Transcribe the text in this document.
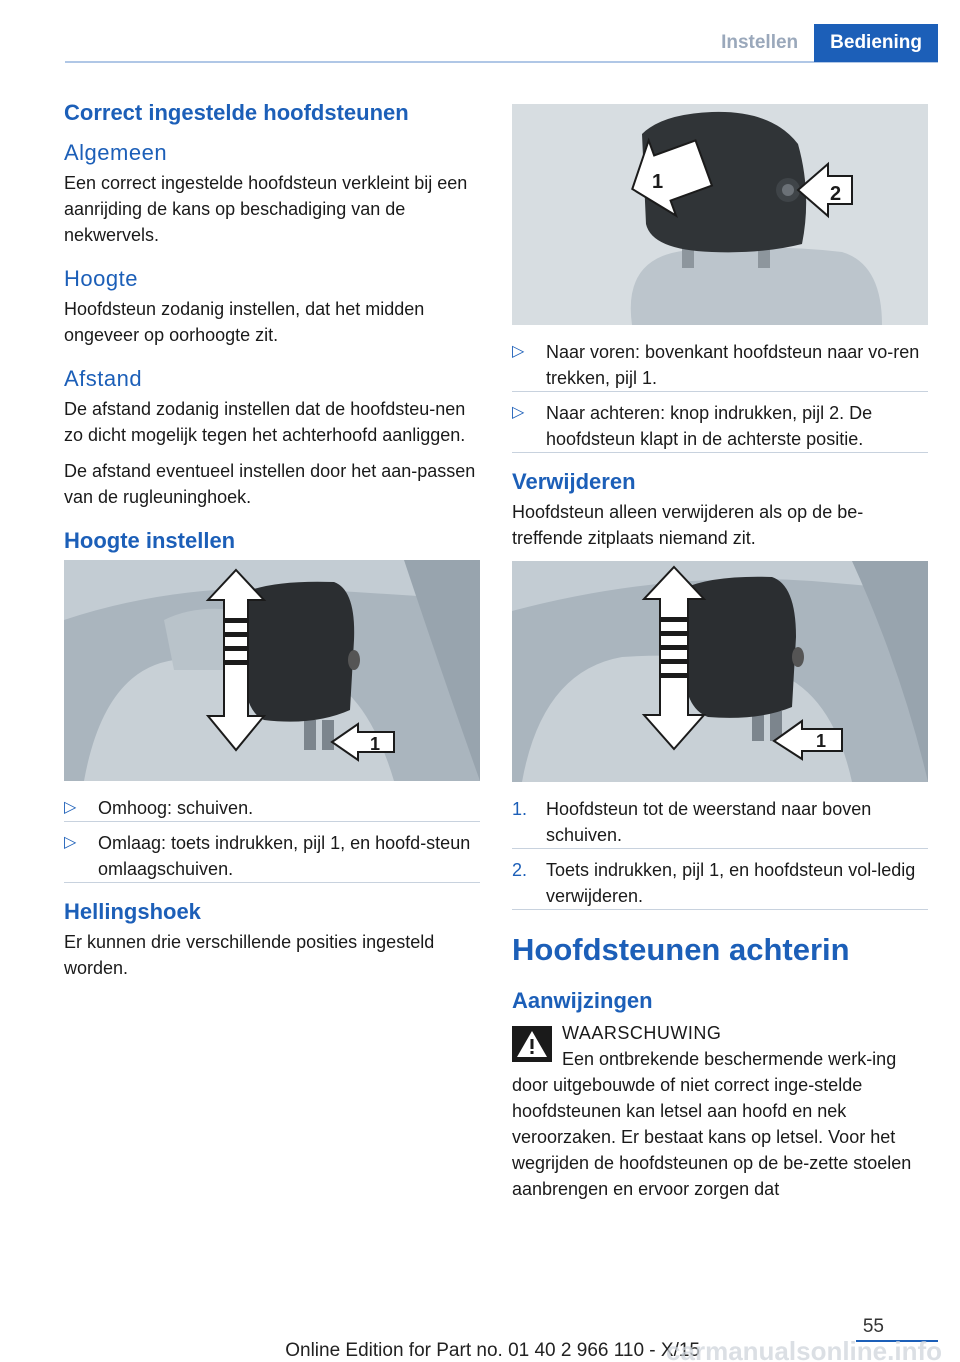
Instellen	Bediening
Correct ingestelde hoofdsteunen
Algemeen

Een correct ingestelde hoofdsteun verkleint bij een aanrijding de kans op beschadiging van de nekwervels.

Hoogte

Hoofdsteun zodanig instellen, dat het midden ongeveer op oorhoogte zit.

Afstand

De afstand zodanig instellen dat de hoofdsteu-nen zo dicht mogelijk tegen het achterhoofd aanliggen.

De afstand eventueel instellen door het aan-passen van de rugleuninghoek.

Hoogte instellen
1
▷ Omhoog: schuiven.
▷ Omlaag: toets indrukken, pijl 1, en hoofd-steun omlaagschuiven.
Hellingshoek

Er kunnen drie verschillende posities ingesteld worden.

1
2
▷ Naar voren: bovenkant hoofdsteun naar vo-ren trekken, pijl 1.
▷ Naar achteren: knop indrukken, pijl 2. De hoofdsteun klapt in de achterste positie.
Verwijderen

Hoofdsteun alleen verwijderen als op de be-treffende zitplaats niemand zit.

1
1. Hoofdsteun tot de weerstand naar boven schuiven.
2. Toets indrukken, pijl 1, en hoofdsteun vol-ledig verwijderen.
Hoofdsteunen achterin
Aanwijzingen
WAARSCHUWING
Een ontbrekende beschermende werk-ing door uitgebouwde of niet correct inge-stelde hoofdsteunen kan letsel aan hoofd en nek veroorzaken. Er bestaat kans op letsel. Voor het wegrijden de hoofdsteunen op de be-zette stoelen aanbrengen en ervoor zorgen dat
55
Online Edition for Part no. 01 40 2 966 110 - X/15
carmanualsonline.info
